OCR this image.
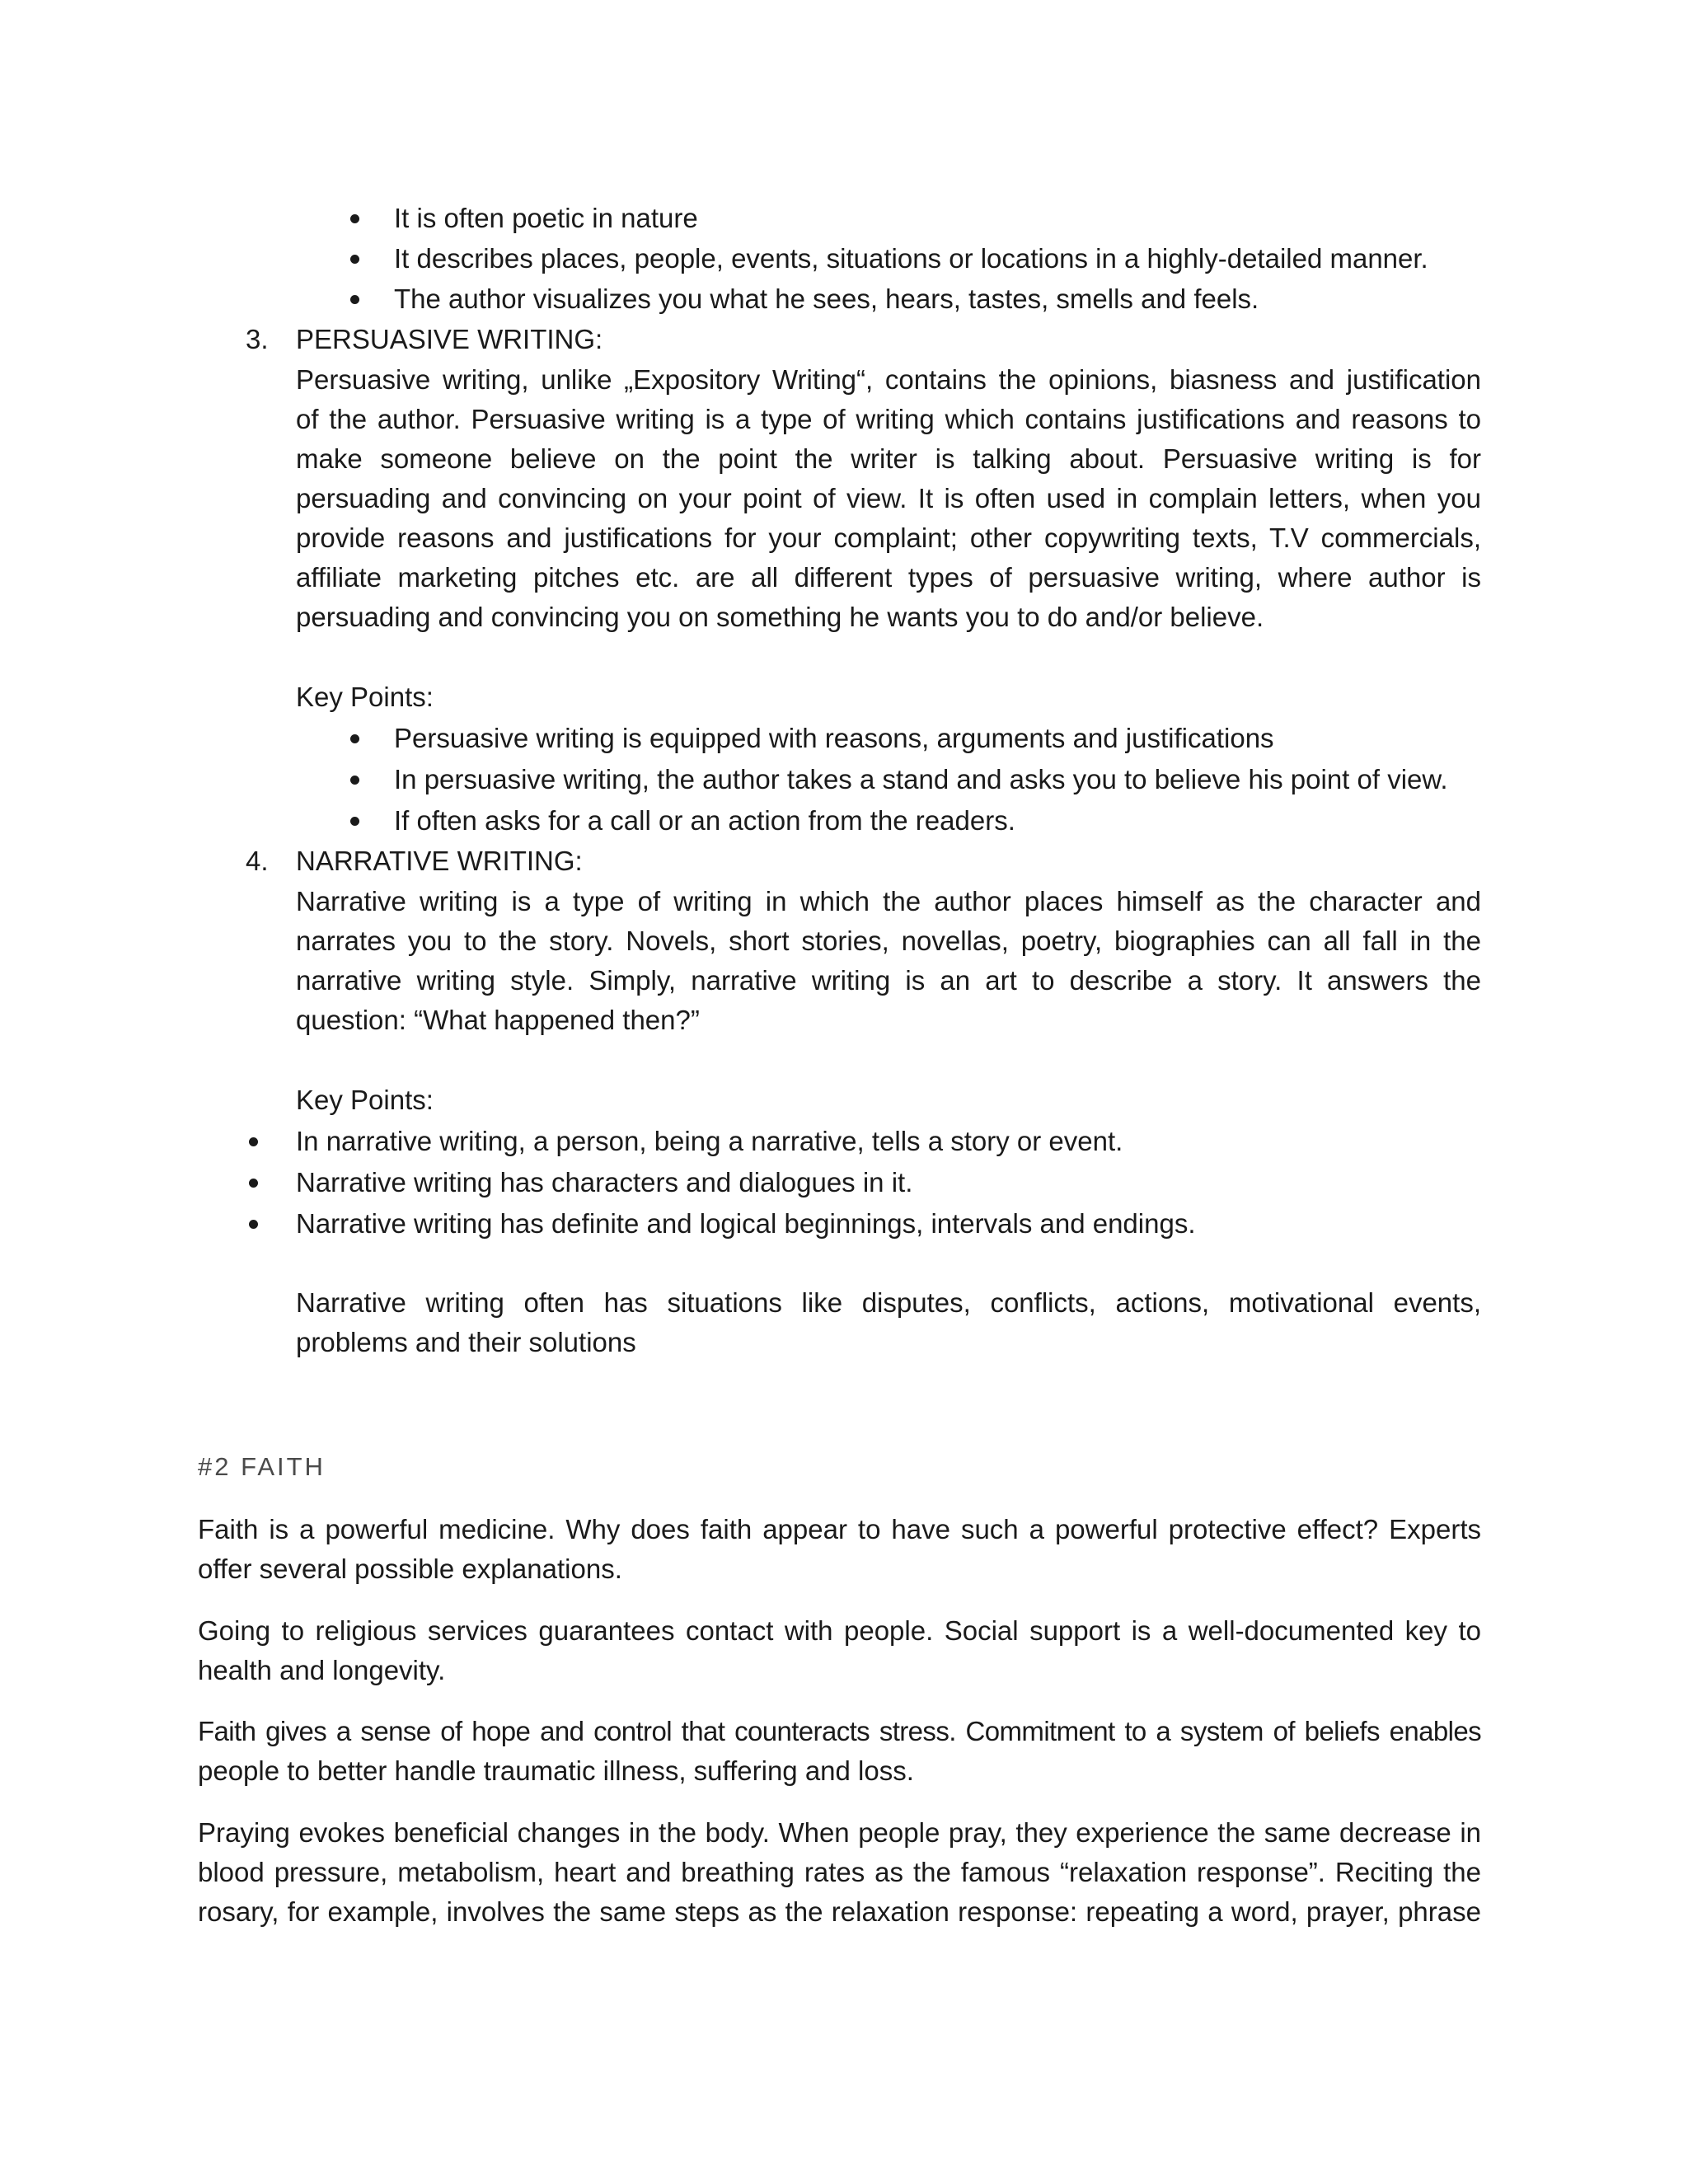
It is often poetic in nature
It describes places, people, events, situations or locations in a highly-detailed manner.
The author visualizes you what he sees, hears, tastes, smells and feels.
3. PERSUASIVE WRITING:
Persuasive writing, unlike „Expository Writing“, contains the opinions, biasness and justification
of the author. Persuasive writing is a type of writing which contains justifications and reasons to
make someone believe on the point the writer is talking about. Persuasive writing is for
persuading and convincing on your point of view. It is often used in complain letters, when you
provide reasons and justifications for your complaint; other copywriting texts, T.V commercials,
affiliate marketing pitches etc. are all different types of persuasive writing, where author is
persuading and convincing you on something he wants you to do and/or believe.
Key Points:
Persuasive writing is equipped with reasons, arguments and justifications
In persuasive writing, the author takes a stand and asks you to believe his point of view.
If often asks for a call or an action from the readers.
4. NARRATIVE WRITING:
Narrative writing is a type of writing in which the author places himself as the character and
narrates you to the story. Novels, short stories, novellas, poetry, biographies can all fall in the
narrative writing style. Simply, narrative writing is an art to describe a story. It answers the
question: “What happened then?”
Key Points:
In narrative writing, a person, being a narrative, tells a story or event.
Narrative writing has characters and dialogues in it.
Narrative writing has definite and logical beginnings, intervals and endings.
Narrative writing often has situations like disputes, conflicts, actions, motivational events,
problems and their solutions
#2 FAITH
Faith is a powerful medicine. Why does faith appear to have such a powerful protective effect? Experts
offer several possible explanations.
Going to religious services guarantees contact with people. Social support is a well-documented key to
health and longevity.
Faith gives a sense of hope and control that counteracts stress. Commitment to a system of beliefs enables
people to better handle traumatic illness, suffering and loss.
Praying evokes beneficial changes in the body. When people pray, they experience the same decrease in
blood pressure, metabolism, heart and breathing rates as the famous “relaxation response”. Reciting the
rosary, for example, involves the same steps as the relaxation response: repeating a word, prayer, phrase
